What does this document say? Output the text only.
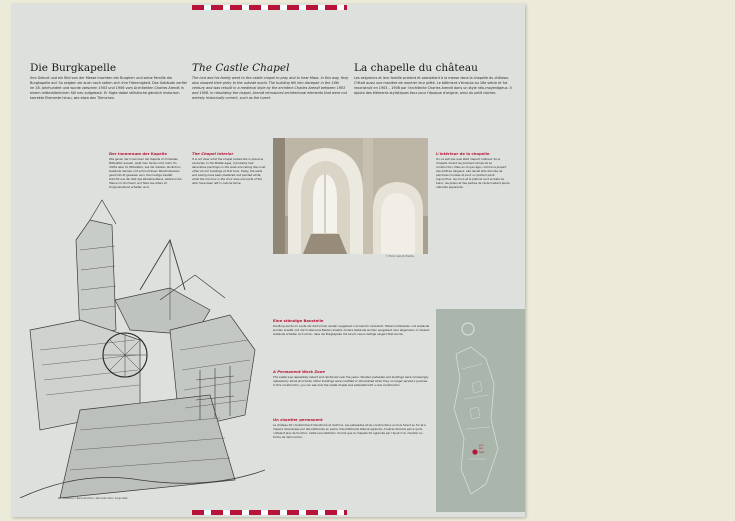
Die Burgkapelle	The Castle Chapel	La chapelle du château
Ihre Geburt und ein Bild von der Messe machten der Burgherr und seine Familie die Burgkapelle auf. So zeigten sie auch noch sofern sich ihre Frömmigkeit. Das Gebäude verfiel im 18. Jahrhundert und wurde zwischen 1903 und 1906 vom Architekten Charles Arendt in einem mittelalterlichen Stil neu aufgebaut. Er fügte dabei stilistische gänzlich historisch korrekte Elemente hinzu, wie etwa den Türmchen.
The lord and his family went to the castle chapel to pray and to hear Mass. In this way, they also showed their piety to the outside world. The building fell into disrepair in the 18th century and was rebuilt in a medieval style by the architect Charles Arendt between 1903 and 1906. In rebuilding the chapel, Arendt introduced architectural elements that were not entirely historically correct, such as the turret.
Les seigneurs et leur famille priaient et assistaient à la messe dans la chapelle du château. C'était aussi une manière de montrer leur piété. Le bâtiment s'écroula au 18e siècle et fut reconstruit en 1903 – 1906 par l'architecte Charles Arendt dans un style néo-moyenâgeux. Il ajouta des éléments stylistiques faux pour l'époque d'origine, ainsi du petit clocher.
Der Innenraum der Kapelle
Wie genau der Innenraum der Kapelle im frühesten Mittelalter aussah, weiß man heute nicht mehr. Es dürfte aber im Mittelalter, wie die meisten ländlichen Gebäude damals, mit schmucklosen Wandmalereien geschmückt gewesen sein. Die heutige Gestalt stammt aus der Zeit des Wiederaufbaus, während die Steine im Chorraum und Teile des Altars im Originalzustand erhalten sind.
The Chapel Interior
It is not clear what the chapel looked like in previous centuries. In the Middle Ages, it probably had decorative paintings on the walls and ceiling like most other church buildings at that time. Today, the walls and ceiling have been plastered and painted white, while the columns in the choir area and parts of the altar have been left in natural stone.
L'intérieur de la chapelle
On ne sait pas quel était l'aspect intérieur de la chapelle durant les premiers temps de sa construction. Mais au moyen-âge, comme la plupart des édifices religieux, elle devait être décorée de peintures murales et avoir un plafond peint. Aujourd'hui, les murs et le plafond sont enduits de blanc, les piliers et des parties de l'autel restent pierre naturelle apparente.
© Photo: Gérard, Brosthe
Reconstitution / Reconstruction / Reconstruction: Serge Weis
Eine ständige Baustelle
Die Burg wurde im Laufe der Zeit immer wieder ausgebaut und baulich verändert. Hölzerne Palisaden und Gebäude wurden ersetzt und durch steinerne Bauten ersetzt. Andere Gebäude wurden ausgebaut oder abgerissen. In diesem Gebäude erhalten sich schon, dass die Burgkapelle mit einem neuen Gefüge eingerichtet wurde.
A Permanent Work Zone
The castle was repeatedly rebuilt and reinforced over the years. Wooden palisades and buildings were increasingly replaced by stone structures. Other buildings were modified or demolished when they no longer served a purpose. In this construction, you can see how the castle chapel was extended with a new construction.
Un chantier permanent
Le château fut constamment transformé et renforcé. Les palissades et les constructions en bois furent au fur et à mesure remplacées par des bâtiments en pierre. Des bâtiments étaient agrandis, d'autres démolis parce qu'ils n'étaient plus de fonction. Cette reconstitution montre que la chapelle fut agrandie par l'ajout d'un chantier en forme de demi-cercle.
you
are
here
